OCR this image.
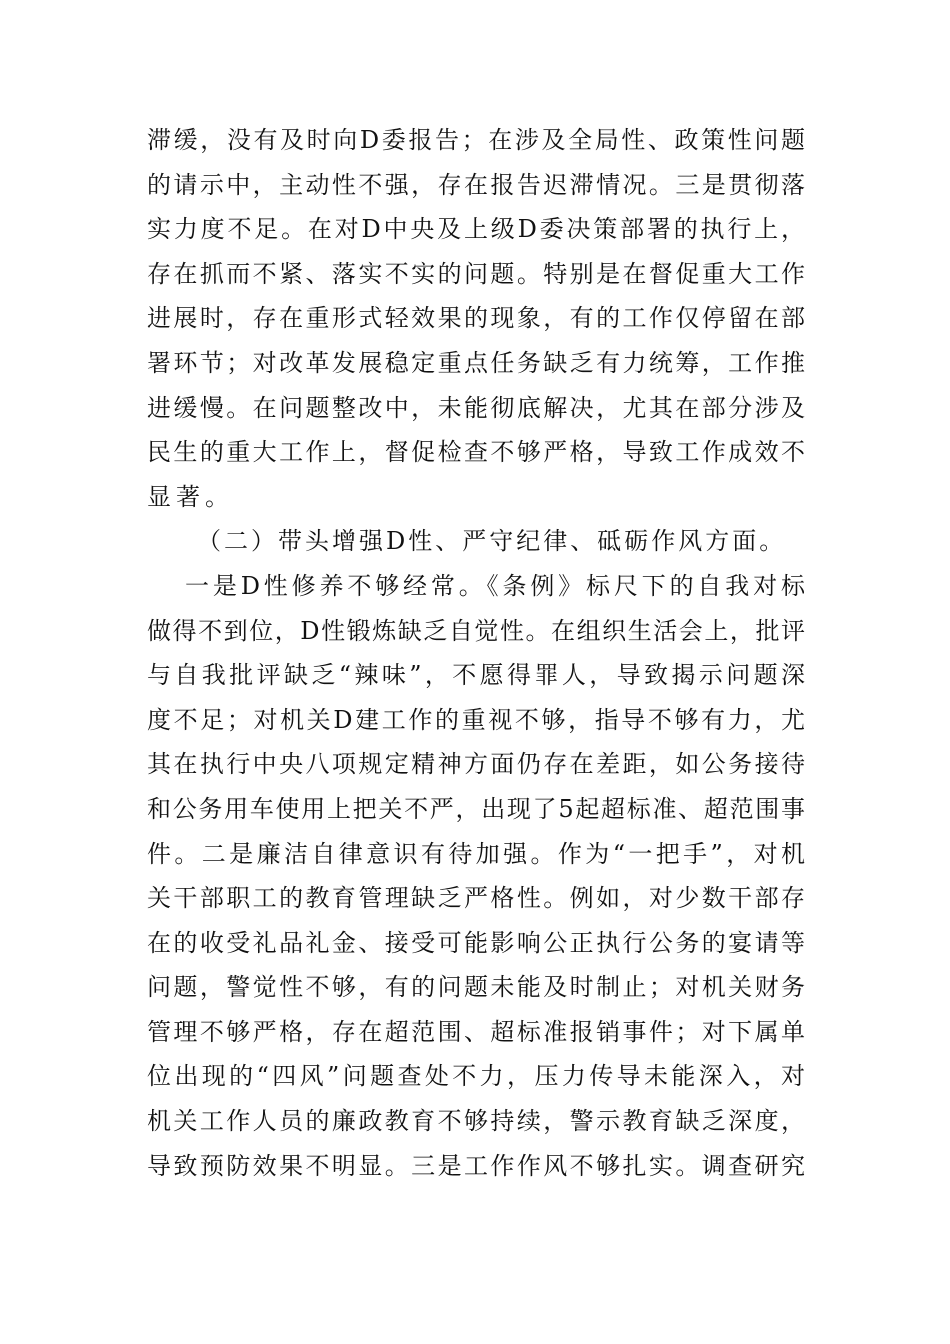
滞缓，没有及时向D委报告；在涉及全局性、政策性问题
的请示中，主动性不强，存在报告迟滞情况。三是贯彻落
实力度不足。在对D中央及上级D委决策部署的执行上，
存在抓而不紧、落实不实的问题。特别是在督促重大工作
进展时，存在重形式轻效果的现象，有的工作仅停留在部
署环节；对改革发展稳定重点任务缺乏有力统筹，工作推
进缓慢。在问题整改中，未能彻底解决，尤其在部分涉及
民生的重大工作上，督促检查不够严格，导致工作成效不
显著。
（二）带头增强D性、严守纪律、砥砺作风方面。
一是D性修养不够经常。《条例》标尺下的自我对标
做得不到位，D性锻炼缺乏自觉性。在组织生活会上，批评
与自我批评缺乏“辣味”，不愿得罪人，导致揭示问题深
度不足；对机关D建工作的重视不够，指导不够有力，尤
其在执行中央八项规定精神方面仍存在差距，如公务接待
和公务用车使用上把关不严，出现了5起超标准、超范围事
件。二是廉洁自律意识有待加强。作为“一把手”，对机
关干部职工的教育管理缺乏严格性。例如，对少数干部存
在的收受礼品礼金、接受可能影响公正执行公务的宴请等
问题，警觉性不够，有的问题未能及时制止；对机关财务
管理不够严格，存在超范围、超标准报销事件；对下属单
位出现的“四风”问题查处不力，压力传导未能深入，对
机关工作人员的廉政教育不够持续，警示教育缺乏深度，
导致预防效果不明显。三是工作作风不够扎实。调查研究
